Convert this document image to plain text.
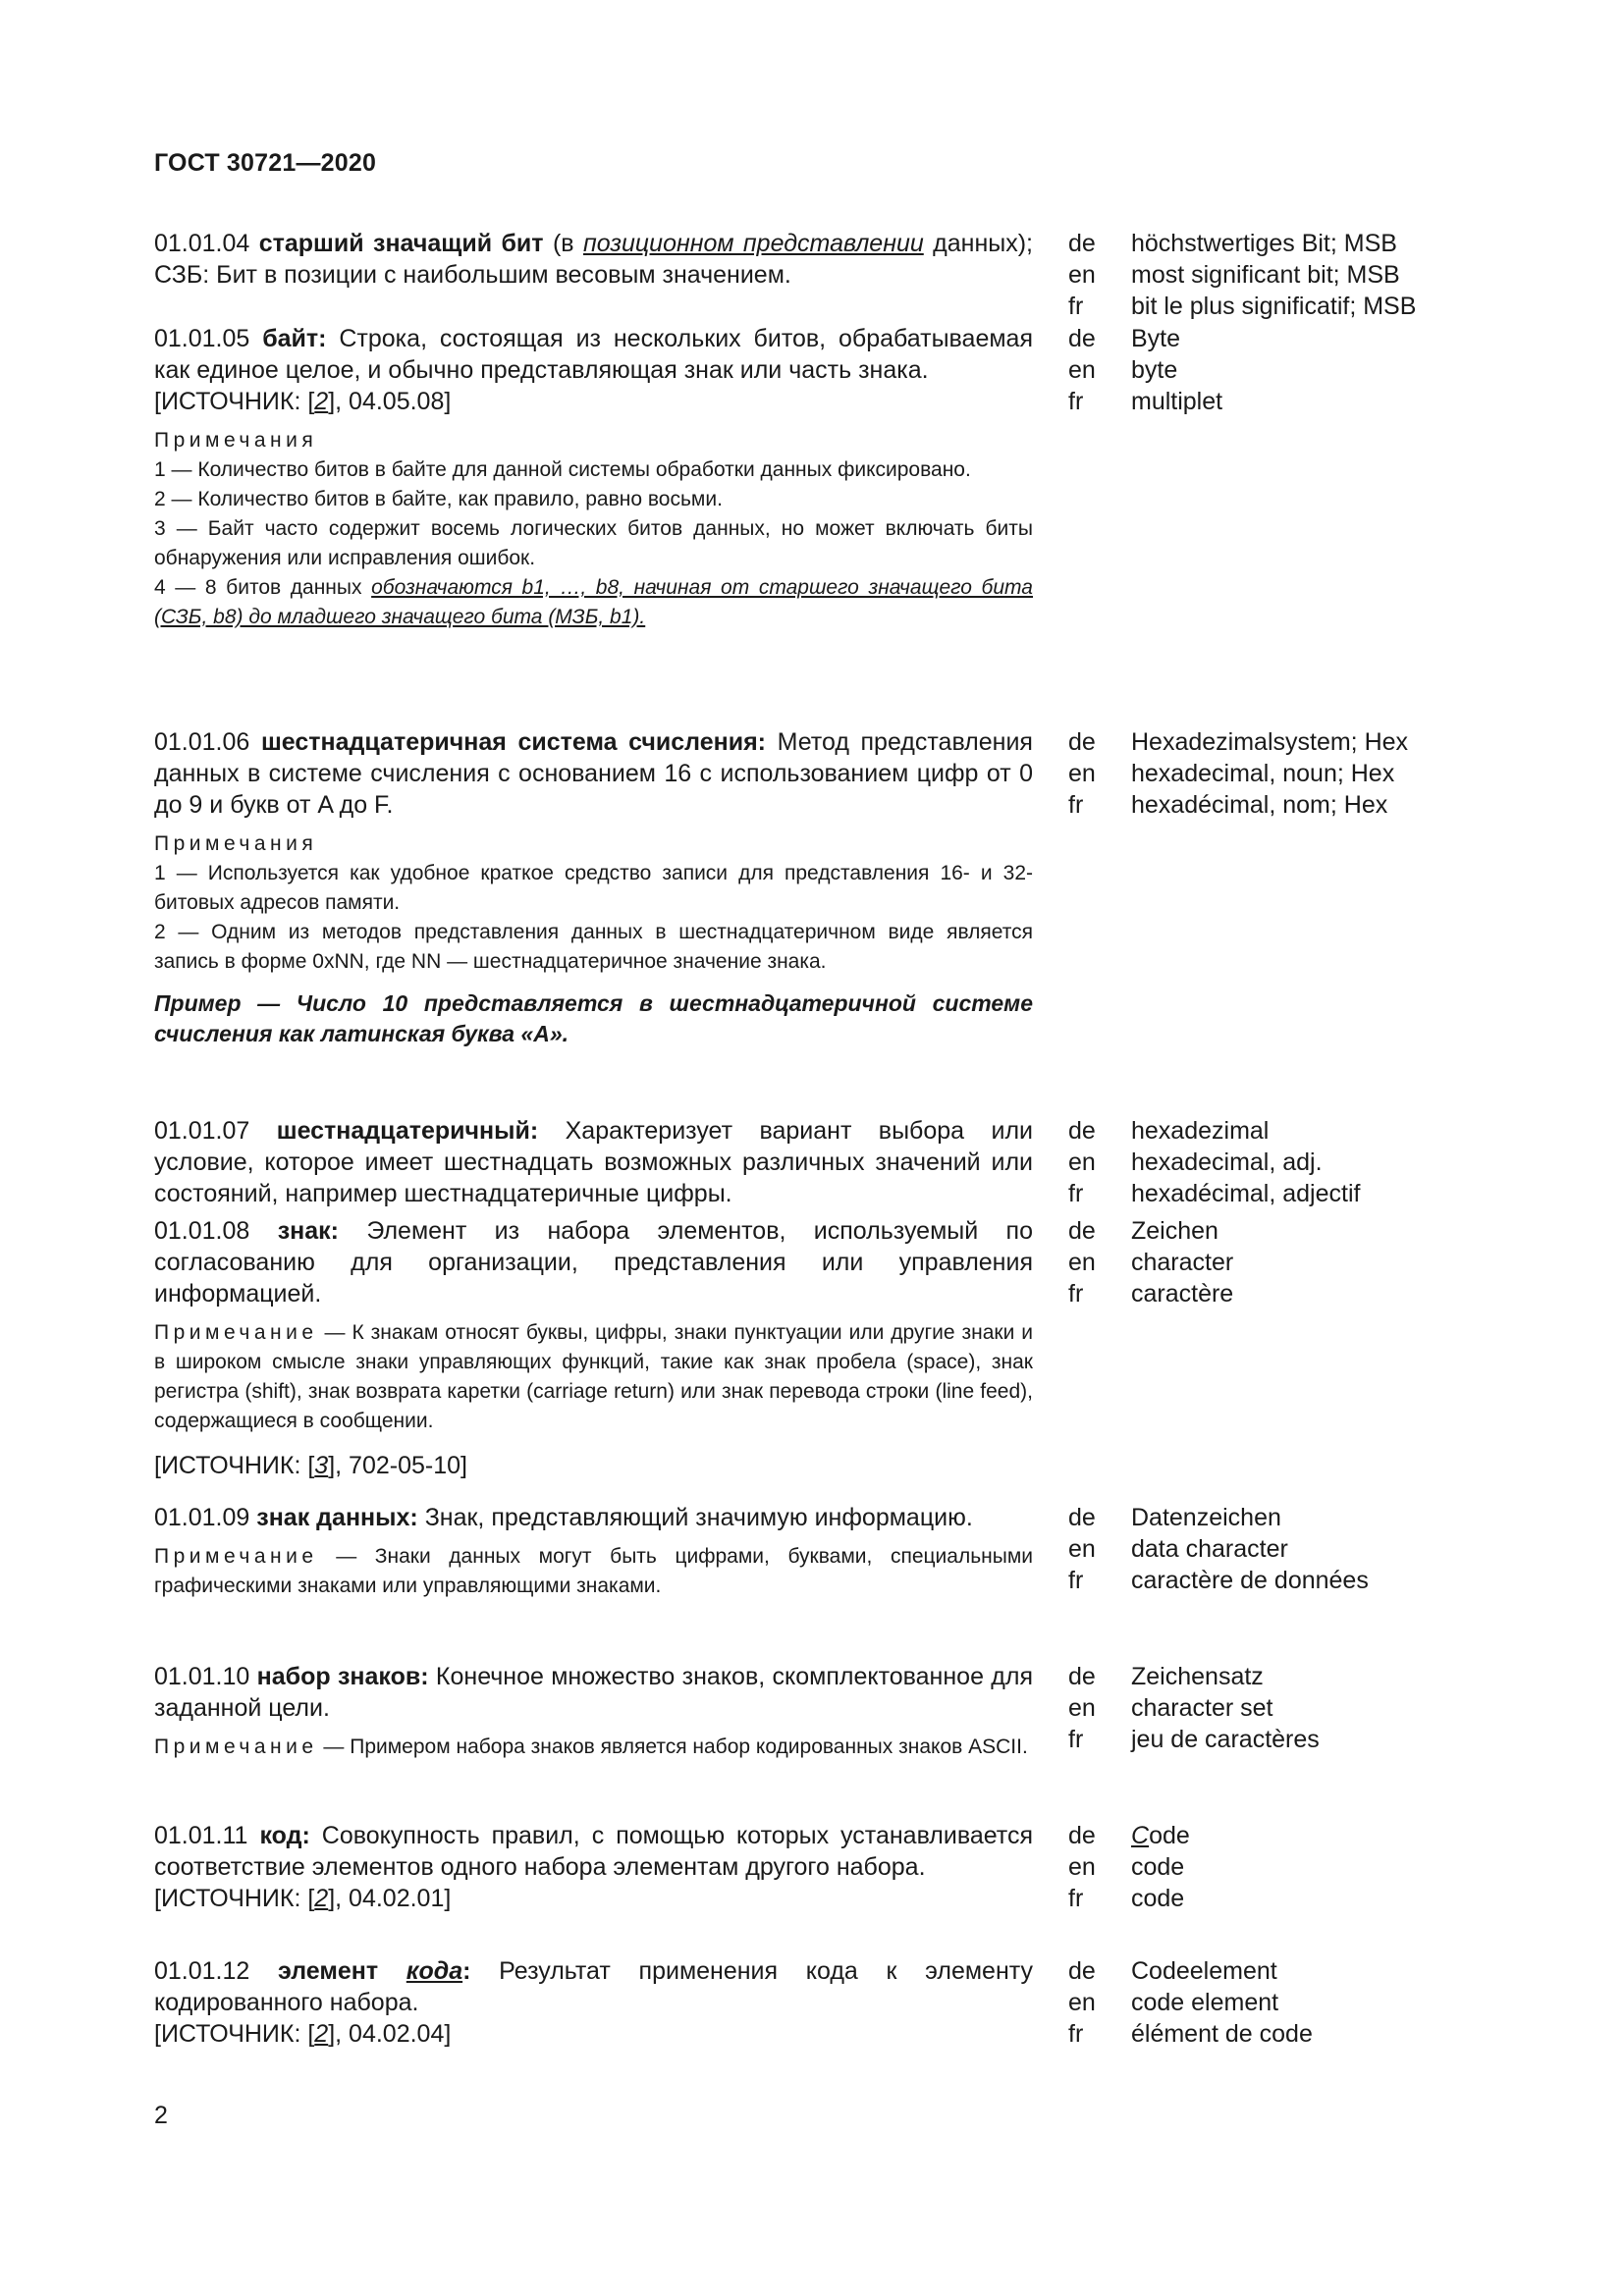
ГОСТ 30721—2020
01.01.04 старший значащий бит (в позиционном представлении данных); СЗБ: Бит в позиции с наибольшим весовым значением.
de höchstwertiges Bit; MSB
en most significant bit; MSB
fr bit le plus significatif; MSB
01.01.05 байт: Строка, состоящая из нескольких битов, обрабатываемая как единое целое, и обычно представляющая знак или часть знака.
[ИСТОЧНИК: [2], 04.05.08]
Примечания
1 — Количество битов в байте для данной системы обработки данных фиксировано.
2 — Количество битов в байте, как правило, равно восьми.
3 — Байт часто содержит восемь логических битов данных, но может включать биты обнаружения или исправления ошибок.
4 — 8 битов данных обозначаются b1, …, b8, начиная от старшего значащего бита (СЗБ, b8) до младшего значащего бита (МЗБ, b1).
de Byte
en byte
fr multiplet
01.01.06 шестнадцатеричная система счисления: Метод представления данных в системе счисления с основанием 16 с использованием цифр от 0 до 9 и букв от A до F.
Примечания
1 — Используется как удобное краткое средство записи для представления 16- и 32-битовых адресов памяти.
2 — Одним из методов представления данных в шестнадцатеричном виде является запись в форме 0xNN, где NN — шестнадцатеричное значение знака.
Пример — Число 10 представляется в шестнадцатеричной системе счисления как латинская буква «А».
de Hexadezimalsystem; Hex
en hexadecimal, noun; Hex
fr hexadécimal, nom; Hex
01.01.07 шестнадцатеричный: Характеризует вариант выбора или условие, которое имеет шестнадцать возможных различных значений или состояний, например шестнадцатеричные цифры.
de hexadezimal
en hexadecimal, adj.
fr hexadécimal, adjectif
01.01.08 знак: Элемент из набора элементов, используемый по согласованию для организации, представления или управления информацией.
Примечание — К знакам относят буквы, цифры, знаки пунктуации или другие знаки и в широком смысле знаки управляющих функций, такие как знак пробела (space), знак регистра (shift), знак возврата каретки (carriage return) или знак перевода строки (line feed), содержащиеся в сообщении.
[ИСТОЧНИК: [3], 702-05-10]
de Zeichen
en character
fr caractère
01.01.09 знак данных: Знак, представляющий значимую информацию.
Примечание — Знаки данных могут быть цифрами, буквами, специальными графическими знаками или управляющими знаками.
de Datenzeichen
en data character
fr caractère de données
01.01.10 набор знаков: Конечное множество знаков, скомплектованное для заданной цели.
Примечание — Примером набора знаков является набор кодированных знаков ASCII.
de Zeichensatz
en character set
fr jeu de caractères
01.01.11 код: Совокупность правил, с помощью которых устанавливается соответствие элементов одного набора элементам другого набора.
[ИСТОЧНИК: [2], 04.02.01]
de Code
en code
fr code
01.01.12 элемент кода: Результат применения кода к элементу кодированного набора.
[ИСТОЧНИК: [2], 04.02.04]
de Codeelement
en code element
fr élément de code
2
